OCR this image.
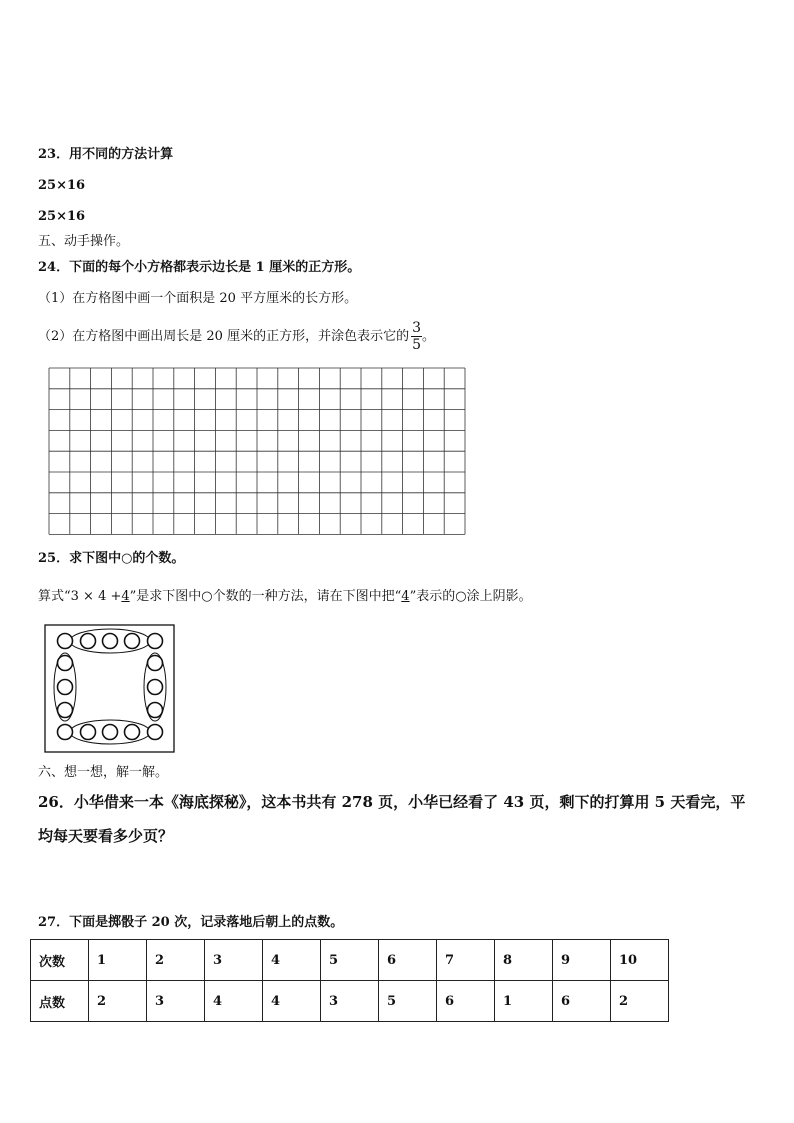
23．用不同的方法计算
25×16
25×16
五、动手操作。
24．下面的每个小方格都表示边长是 1 厘米的正方形。
（1）在方格图中画一个面积是 20 平方厘米的长方形。
（2）在方格图中画出周长是 20 厘米的正方形，并涂色表示它的 $\frac{3}{5}$ 。
25．求下图中○的个数。
算式“3 × 4 +4”是求下图中○个数的一种方法，请在下图中把“4”表示的○涂上阴影。
六、想一想，解一解。
26．小华借来一本《海底探秘》，这本书共有 278 页，小华已经看了 43 页，剩下的打算用 5 天看完，平均每天要看多少页？
27．下面是掷骰子 20 次，记录落地后朝上的点数。
次数	1	2	3	4	5	6	7	8	9	10
点数	2	3	4	4	3	5	6	1	6	2
